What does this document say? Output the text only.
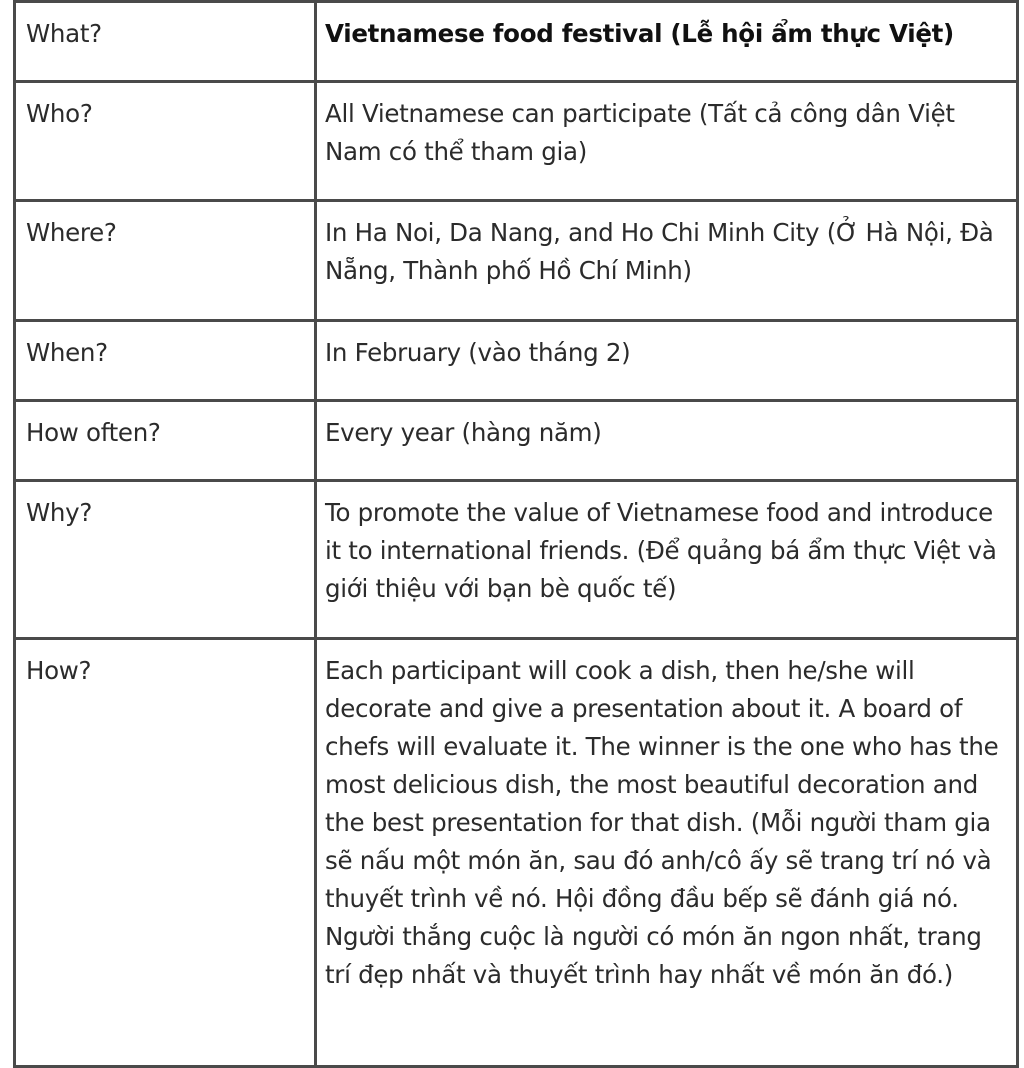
What?	Vietnamese food festival (Lễ hội ẩm thực Việt)
Who?	All Vietnamese can participate (Tất cả công dân Việt Nam có thể tham gia)
Where?	In Ha Noi, Da Nang, and Ho Chi Minh City (Ở Hà Nội, Đà Nẵng, Thành phố Hồ Chí Minh)
When?	In February (vào tháng 2)
How often?	Every year (hàng năm)
Why?	To promote the value of Vietnamese food and introduce it to international friends. (Để quảng bá ẩm thực Việt và giới thiệu với bạn bè quốc tế)
How?	Each participant will cook a dish, then he/she will decorate and give a presentation about it. A board of chefs will evaluate it. The winner is the one who has the most delicious dish, the most beautiful decoration and the best presentation for that dish. (Mỗi người tham gia sẽ nấu một món ăn, sau đó anh/cô ấy sẽ trang trí nó và thuyết trình về nó. Hội đồng đầu bếp sẽ đánh giá nó. Người thắng cuộc là người có món ăn ngon nhất, trang trí đẹp nhất và thuyết trình hay nhất về món ăn đó.)
